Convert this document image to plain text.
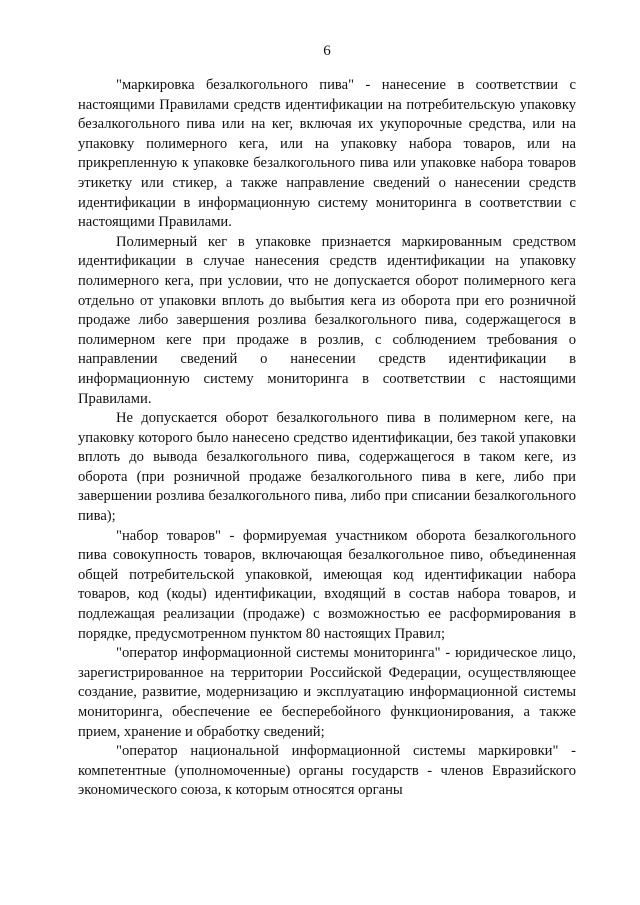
6

"маркировка безалкогольного пива" - нанесение в соответствии с настоящими Правилами средств идентификации на потребительскую упаковку безалкогольного пива или на кег, включая их укупорочные средства, или на упаковку полимерного кега, или на упаковку набора товаров, или на прикрепленную к упаковке безалкогольного пива или упаковке набора товаров этикетку или стикер, а также направление сведений о нанесении средств идентификации в информационную систему мониторинга в соответствии с настоящими Правилами.

Полимерный кег в упаковке признается маркированным средством идентификации в случае нанесения средств идентификации на упаковку полимерного кега, при условии, что не допускается оборот полимерного кега отдельно от упаковки вплоть до выбытия кега из оборота при его розничной продаже либо завершения розлива безалкогольного пива, содержащегося в полимерном кеге при продаже в розлив, с соблюдением требования о направлении сведений о нанесении средств идентификации в информационную систему мониторинга в соответствии с настоящими Правилами.

Не допускается оборот безалкогольного пива в полимерном кеге, на упаковку которого было нанесено средство идентификации, без такой упаковки вплоть до вывода безалкогольного пива, содержащегося в таком кеге, из оборота (при розничной продаже безалкогольного пива в кеге, либо при завершении розлива безалкогольного пива, либо при списании безалкогольного пива);

"набор товаров" - формируемая участником оборота безалкогольного пива совокупность товаров, включающая безалкогольное пиво, объединенная общей потребительской упаковкой, имеющая код идентификации набора товаров, код (коды) идентификации, входящий в состав набора товаров, и подлежащая реализации (продаже) с возможностью ее расформирования в порядке, предусмотренном пунктом 80 настоящих Правил;

"оператор информационной системы мониторинга" - юридическое лицо, зарегистрированное на территории Российской Федерации, осуществляющее создание, развитие, модернизацию и эксплуатацию информационной системы мониторинга, обеспечение ее бесперебойного функционирования, а также прием, хранение и обработку сведений;

"оператор национальной информационной системы маркировки" - компетентные (уполномоченные) органы государств - членов Евразийского экономического союза, к которым относятся органы
